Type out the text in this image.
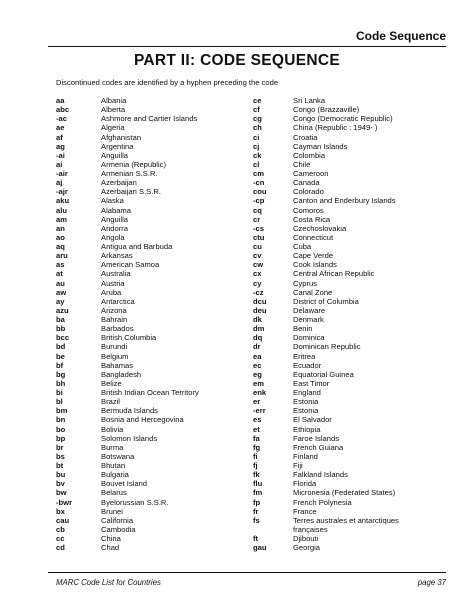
Code Sequence
PART II: CODE SEQUENCE
Discontinued codes are identified by a hyphen preceding the code
aa	Albania
abc	Alberta
-ac	Ashmore and Cartier Islands
ae	Algeria
af	Afghanistan
ag	Argentina
-ai	Anguilla
ai	Armenia (Republic)
-air	Armenian S.S.R.
aj	Azerbaijan
-ajr	Azerbaijan S.S.R.
aku	Alaska
alu	Alabama
am	Anguilla
an	Andorra
ao	Angola
aq	Antigua and Barbuda
aru	Arkansas
as	American Samoa
at	Australia
au	Austria
aw	Aruba
ay	Antarctica
azu	Arizona
ba	Bahrain
bb	Barbados
bcc	British Columbia
bd	Burundi
be	Belgium
bf	Bahamas
bg	Bangladesh
bh	Belize
bi	British Indian Ocean Territory
bl	Brazil
bm	Bermuda Islands
bn	Bosnia and Hercegovina
bo	Bolivia
bp	Solomon Islands
br	Burma
bs	Botswana
bt	Bhutan
bu	Bulgaria
bv	Bouvet Island
bw	Belarus
-bwr	Byelorussian S.S.R.
bx	Brunei
cau	California
cb	Cambodia
cc	China
cd	Chad
ce	Sri Lanka
cf	Congo (Brazzaville)
cg	Congo (Democratic Republic)
ch	China (Republic : 1949- )
ci	Croatia
cj	Cayman Islands
ck	Colombia
cl	Chile
cm	Cameroon
-cn	Canada
cou	Colorado
-cp	Canton and Enderbury Islands
cq	Comoros
cr	Costa Rica
-cs	Czechoslovakia
ctu	Connecticut
cu	Cuba
cv	Cape Verde
cw	Cook Islands
cx	Central African Republic
cy	Cyprus
-cz	Canal Zone
dcu	District of Columbia
deu	Delaware
dk	Denmark
dm	Benin
dq	Dominica
dr	Dominican Republic
ea	Eritrea
ec	Ecuador
eg	Equatorial Guinea
em	East Timor
enk	England
er	Estonia
-err	Estonia
es	El Salvador
et	Ethiopia
fa	Faroe Islands
fg	French Guiana
fi	Finland
fj	Fiji
fk	Falkland Islands
flu	Florida
fm	Micronesia (Federated States)
fp	French Polynesia
fr	France
fs	Terres australes et antarctiques
françaises
ft	Djibouti
gau	Georgia
MARC Code List for Countries	page 37
